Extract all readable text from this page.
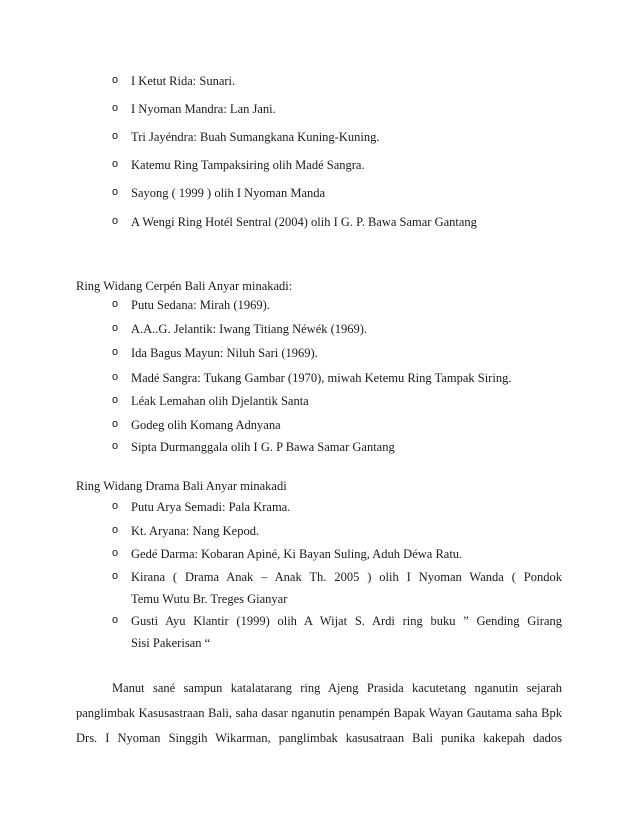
o I Ketut Rida: Sunari.
o I Nyoman Mandra: Lan Jani.
o Tri Jayéndra: Buah Sumangkana Kuning-Kuning.
o Katemu Ring Tampaksiring olih Madé Sangra.
o Sayong ( 1999 ) olih I Nyoman Manda
o A Wengi Ring Hotél Sentral (2004) olih I G. P. Bawa Samar Gantang
Ring Widang Cerpén Bali Anyar minakadi:
o Putu Sedana: Mirah (1969).
o A.A..G. Jelantik: Iwang Titiang Néwék (1969).
o Ida Bagus Mayun: Niluh Sari (1969).
o Madé Sangra: Tukang Gambar (1970), miwah Ketemu Ring Tampak Siring.
o Léak Lemahan olih Djelantik Santa
o Godeg olih Komang Adnyana
o Sipta Durmanggala olih I G. P Bawa Samar Gantang
Ring Widang Drama Bali Anyar minakadi
o Putu Arya Semadi: Pala Krama.
o Kt. Aryana: Nang Kepod.
o Gedé Darma: Kobaran Apiné, Ki Bayan Suling, Aduh Déwa Ratu.
o Kirana ( Drama Anak – Anak Th. 2005 ) olih I Nyoman Wanda ( Pondok
Temu Wutu Br. Treges Gianyar
o Gusti Ayu Klantir (1999) olih A Wijat S. Ardi ring buku ” Gending Girang
Sisi Pakerisan “
Manut sané sampun katalatarang ring Ajeng Prasida kacutetang nganutin sejarah
panglimbak Kasusastraan Bali, saha dasar nganutin penampén Bapak Wayan Gautama saha Bpk
Drs. I Nyoman Singgih Wikarman, panglimbak kasusatraan Bali punika kakepah dados
